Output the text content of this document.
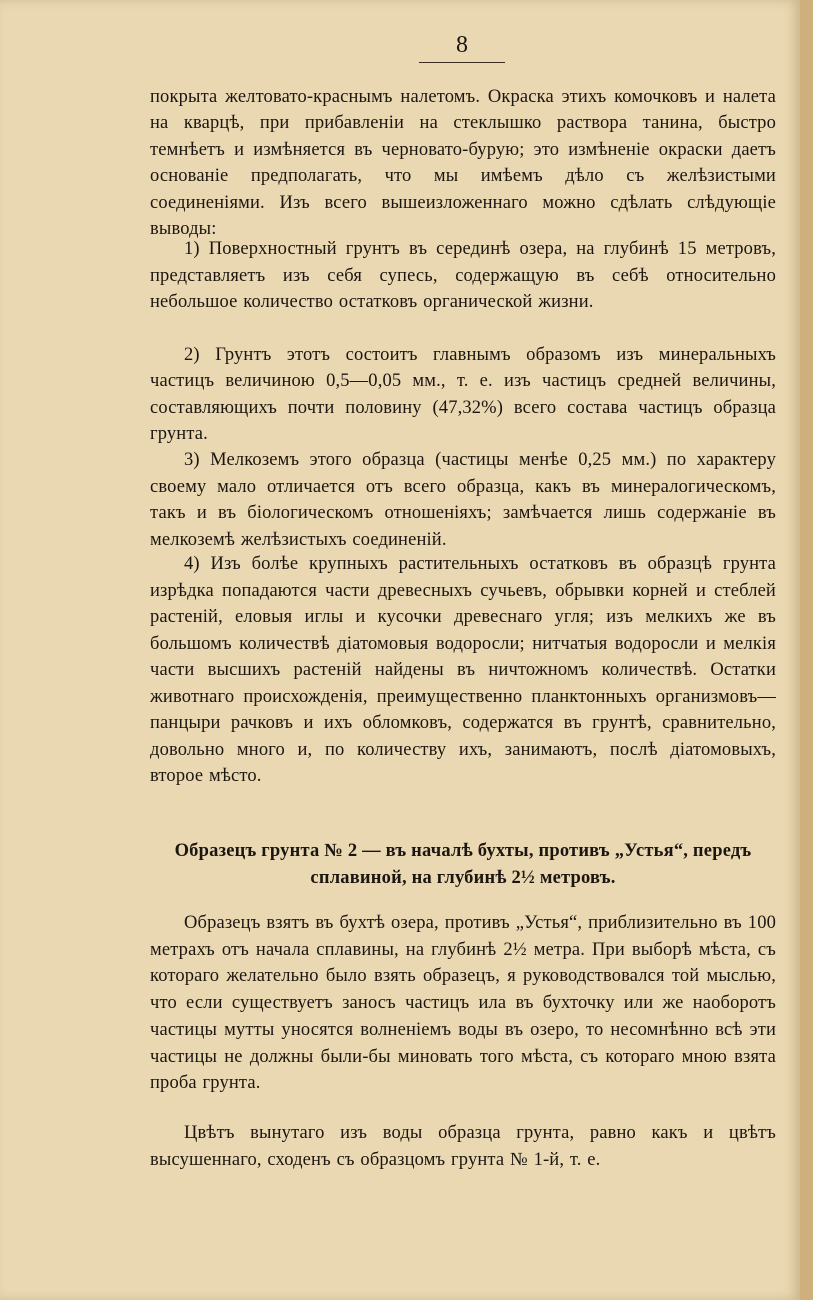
8

покрыта желтовато-краснымъ налетомъ. Окраска этихъ комочковъ и налета на кварцѣ, при прибавленіи на стеклышко раствора танина, быстро темнѣетъ и измѣняется въ черновато-бурую; это измѣненіе окраски даетъ основаніе предполагать, что мы имѣемъ дѣло съ желѣзистыми соединеніями. Изъ всего вышеизложеннаго можно сдѣлать слѣдующіе выводы:

1) Поверхностный грунтъ въ серединѣ озера, на глубинѣ 15 метровъ, представляетъ изъ себя супесь, содержащую въ себѣ относительно небольшое количество остатковъ органической жизни.

2) Грунтъ этотъ состоитъ главнымъ образомъ изъ минеральныхъ частицъ величиною 0,5—0,05 мм., т. е. изъ частицъ средней величины, составляющихъ почти половину (47,32%) всего состава частицъ образца грунта.

3) Мелкоземъ этого образца (частицы менѣе 0,25 мм.) по характеру своему мало отличается отъ всего образца, какъ въ минералогическомъ, такъ и въ біологическомъ отношеніяхъ; замѣчается лишь содержаніе въ мелкоземѣ желѣзистыхъ соединеній.

4) Изъ болѣе крупныхъ растительныхъ остатковъ въ образцѣ грунта изрѣдка попадаются части древесныхъ сучьевъ, обрывки корней и стеблей растеній, еловыя иглы и кусочки древеснаго угля; изъ мелкихъ же въ большомъ количествѣ діатомовыя водоросли; нитчатыя водоросли и мелкія части высшихъ растеній найдены въ ничтожномъ количествѣ. Остатки животнаго происхожденія, преимущественно планктонныхъ организмовъ—панцыри рачковъ и ихъ обломковъ, содержатся въ грунтѣ, сравнительно, довольно много и, по количеству ихъ, занимаютъ, послѣ діатомовыхъ, второе мѣсто.

Образецъ грунта № 2 — въ началѣ бухты, противъ „Устья“, передъ

сплавиной, на глубинѣ 2½ метровъ.

Образецъ взятъ въ бухтѣ озера, противъ „Устья“, приблизительно въ 100 метрахъ отъ начала сплавины, на глубинѣ 2½ метра. При выборѣ мѣста, съ котораго желательно было взять образецъ, я руководствовался той мыслью, что если существуетъ заносъ частицъ ила въ бухточку или же наоборотъ частицы мутты уносятся волненіемъ воды въ озеро, то несомнѣнно всѣ эти частицы не должны были-бы миновать того мѣста, съ котораго мною взята проба грунта.

Цвѣтъ вынутаго изъ воды образца грунта, равно какъ и цвѣтъ высушеннаго, сходенъ съ образцомъ грунта № 1-й, т. е.
